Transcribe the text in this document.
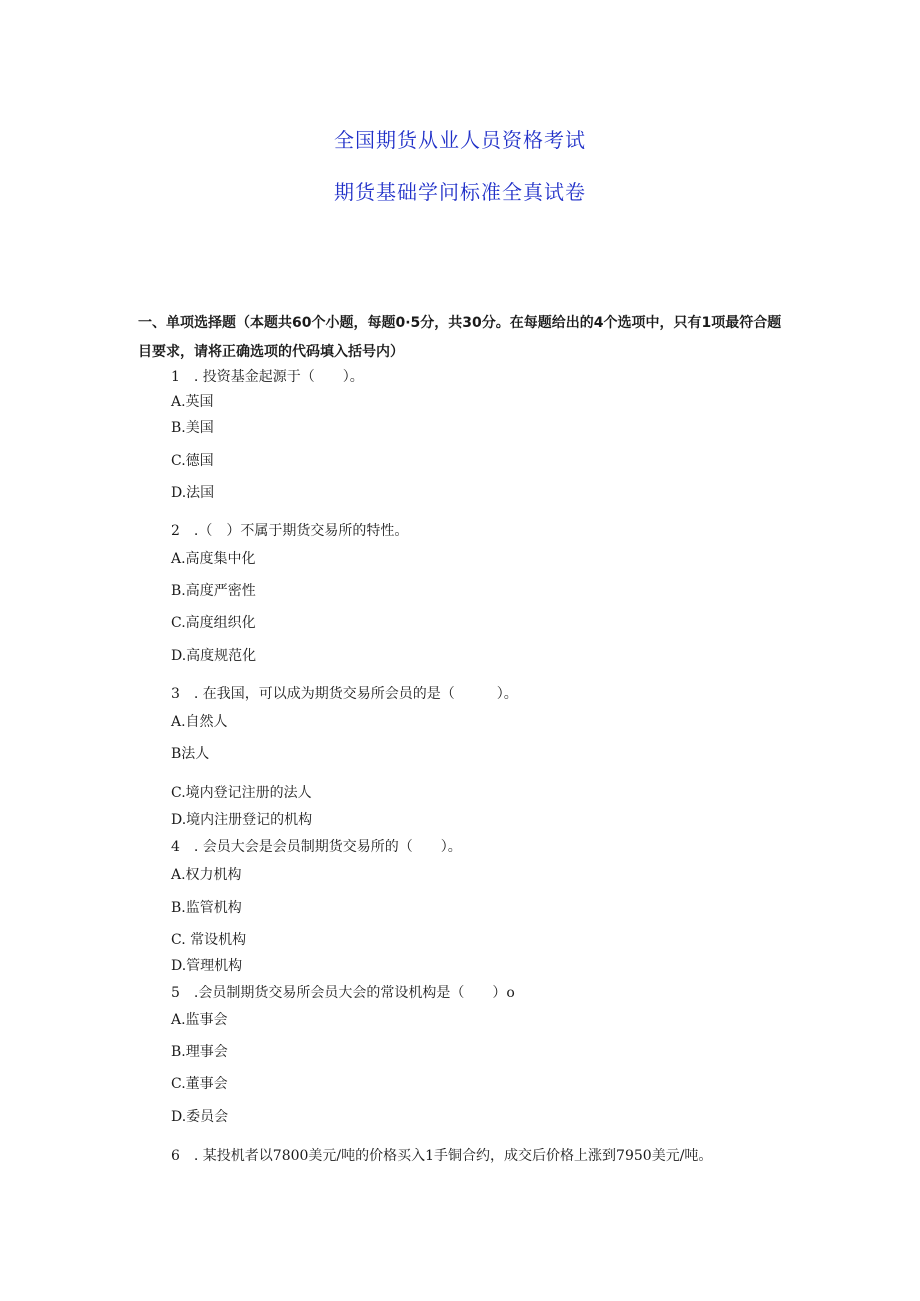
全国期货从业人员资格考试
期货基础学问标准全真试卷
一、单项选择题（本题共60个小题，每题0·5分，共30分。在每题给出的4个选项中，只有1项最符合题目要求，请将正确选项的代码填入括号内）
1　. 投资基金起源于（　　）。
A.英国
B.美国
C.德国
D.法国
2　.（　）不属于期货交易所的特性。
A.高度集中化
B.高度严密性
C.高度组织化
D.高度规范化
3　. 在我国，可以成为期货交易所会员的是（　　　）。
A.自然人
B法人
C.境内登记注册的法人
D.境内注册登记的机构
4　. 会员大会是会员制期货交易所的（　　）。
A.权力机构
B.监管机构
C. 常设机构
D.管理机构
5　.会员制期货交易所会员大会的常设机构是（　　）o
A.监事会
B.理事会
C.董事会
D.委员会
6　. 某投机者以7800美元/吨的价格买入1手铜合约，成交后价格上涨到7950美元/吨。
